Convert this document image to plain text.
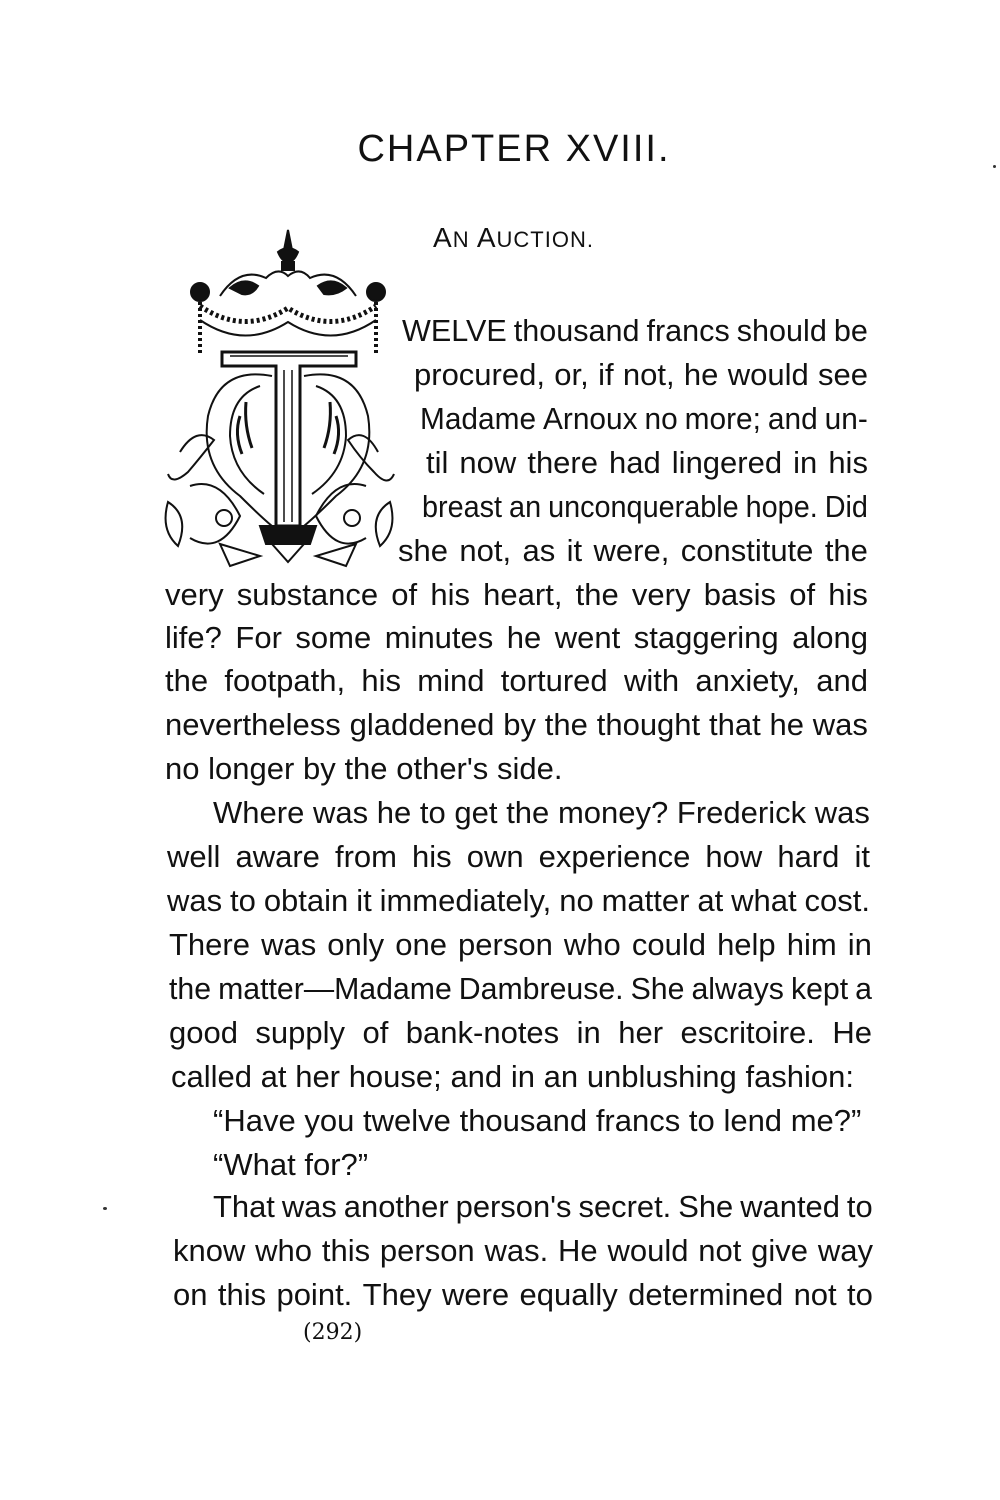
CHAPTER XVIII.
AN AUCTION.
WELVE thousand francs should be
procured, or, if not, he would see
Madame Arnoux no more; and un-
til now there had lingered in his
breast an unconquerable hope. Did
she not, as it were, constitute the
very substance of his heart, the very basis of his
life? For some minutes he went staggering along
the footpath, his mind tortured with anxiety, and
nevertheless gladdened by the thought that he was
no longer by the other's side.
Where was he to get the money? Frederick was
well aware from his own experience how hard it
was to obtain it immediately, no matter at what cost.
There was only one person who could help him in
the matter—Madame Dambreuse. She always kept a
good supply of bank-notes in her escritoire. He
called at her house; and in an unblushing fashion:
“Have you twelve thousand francs to lend me?”
“What for?”
That was another person's secret. She wanted to
know who this person was. He would not give way
on this point. They were equally determined not to
(292)
